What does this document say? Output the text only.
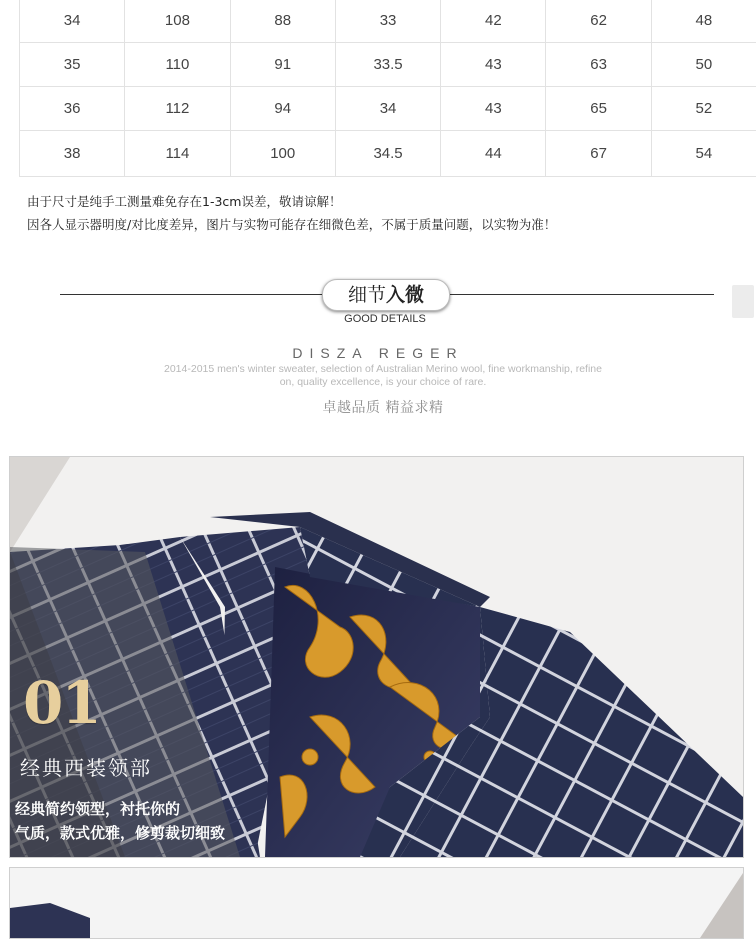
34	108	88	33	42	62	48
35	110	91	33.5	43	63	50
36	112	94	34	43	65	52
38	114	100	34.5	44	67	54
由于尺寸是纯手工测量难免存在1-3cm误差，敬请谅解！
因各人显示器明度/对比度差异，图片与实物可能存在细微色差，不属于质量问题，以实物为准！
细节入微
GOOD DETAILS
DISZA REGER
2014-2015 men's winter sweater, selection of Australian Merino wool, fine workmanship, refine
on, quality excellence, is your choice of rare.
卓越品质 精益求精
01
经典西装领部
经典简约领型，衬托你的
气质，款式优雅，修剪裁切细致
